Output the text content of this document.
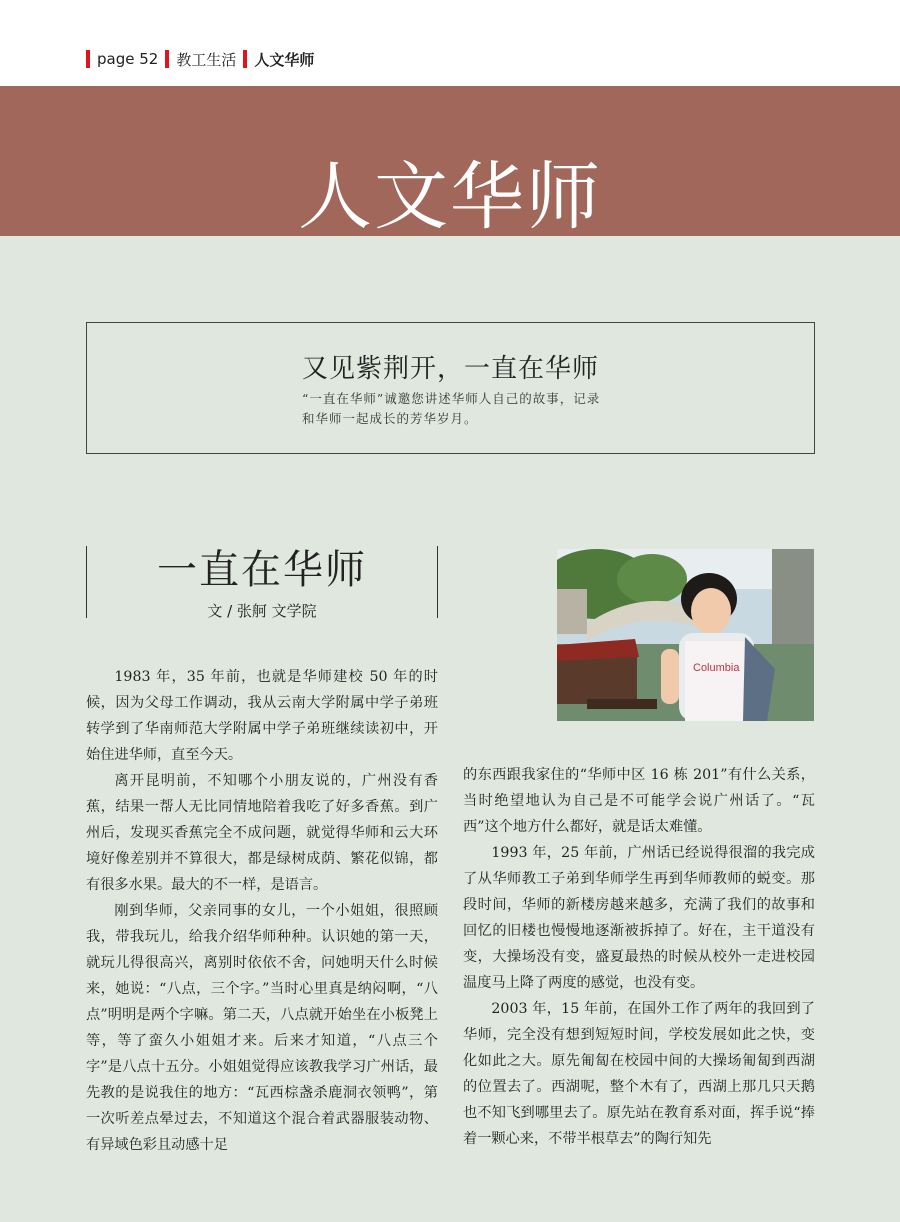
page 52 教工生活 人文华师
人文华师
又见紫荆开，一直在华师
“一直在华师”诚邀您讲述华师人自己的故事，记录和华师一起成长的芳华岁月。
一直在华师
文 / 张舸 文学院
Columbia

1983 年，35 年前，也就是华师建校 50 年的时候，因为父母工作调动，我从云南大学附属中学子弟班转学到了华南师范大学附属中学子弟班继续读初中，开始住进华师，直至今天。

离开昆明前，不知哪个小朋友说的，广州没有香蕉，结果一帮人无比同情地陪着我吃了好多香蕉。到广州后，发现买香蕉完全不成问题，就觉得华师和云大环境好像差别并不算很大，都是绿树成荫、繁花似锦，都有很多水果。最大的不一样，是语言。

刚到华师，父亲同事的女儿，一个小姐姐，很照顾我，带我玩儿，给我介绍华师种种。认识她的第一天，就玩儿得很高兴，离别时依依不舍，问她明天什么时候来，她说：“八点，三个字。”当时心里真是纳闷啊，“八点”明明是两个字嘛。第二天，八点就开始坐在小板凳上等，等了蛮久小姐姐才来。后来才知道，“八点三个字”是八点十五分。小姐姐觉得应该教我学习广州话，最先教的是说我住的地方：“瓦西棕盏杀鹿洞衣领鸭”，第一次听差点晕过去，不知道这个混合着武器服装动物、有异域色彩且动感十足

的东西跟我家住的“华师中区 16 栋 201”有什么关系，当时绝望地认为自己是不可能学会说广州话了。“瓦西”这个地方什么都好，就是话太难懂。

1993 年，25 年前，广州话已经说得很溜的我完成了从华师教工子弟到华师学生再到华师教师的蜕变。那段时间，华师的新楼房越来越多，充满了我们的故事和回忆的旧楼也慢慢地逐渐被拆掉了。好在，主干道没有变，大操场没有变，盛夏最热的时候从校外一走进校园温度马上降了两度的感觉，也没有变。

2003 年，15 年前，在国外工作了两年的我回到了华师，完全没有想到短短时间，学校发展如此之快，变化如此之大。原先匍匐在校园中间的大操场匍匐到西湖的位置去了。西湖呢，整个木有了，西湖上那几只天鹅也不知飞到哪里去了。原先站在教育系对面，挥手说“捧着一颗心来，不带半根草去”的陶行知先
